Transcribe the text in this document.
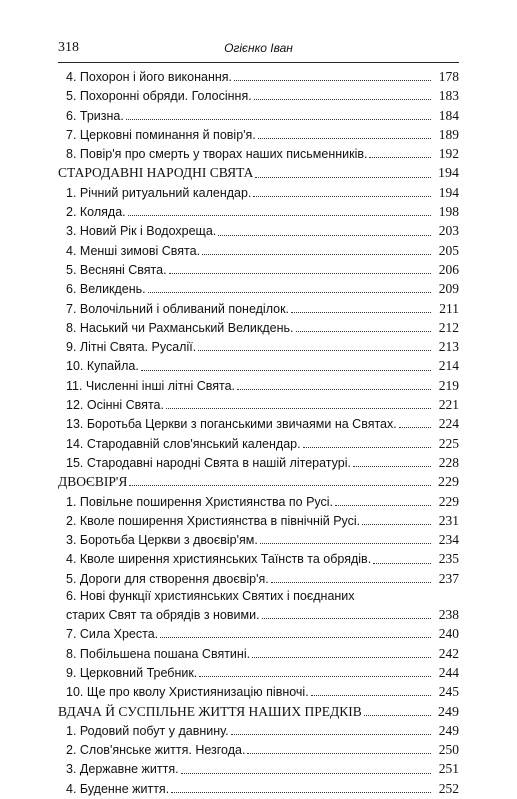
318	Огієнко Іван
4. Похорон і його виконання.	178
5. Похоронні обряди. Голосіння.	183
6. Тризна.	184
7. Церковні поминання й повір'я.	189
8. Повір'я про смерть у творах наших письменників.	192
СТАРОДАВНІ НАРОДНІ СВЯТА	194
1. Річний ритуальний календар.	194
2. Коляда.	198
3. Новий Рік і Водохреща.	203
4. Менші зимові Свята.	205
5. Весняні Свята.	206
6. Великдень.	209
7. Волочільний і обливаний понеділок.	211
8. Наський чи Рахманський Великдень.	212
9. Літні Свята. Русалії.	213
10. Купайла.	214
11. Численні інші літні Свята.	219
12. Осінні Свята.	221
13. Боротьба Церкви з поганськими звичаями на Святах.	224
14. Стародавній слов'янський календар.	225
15. Стародавні народні Свята в нашій літературі.	228
ДВОЄВІР'Я	229
1. Повільне поширення Християнства по Русі.	229
2. Кволе поширення Християнства в північній Русі.	231
3. Боротьба Церкви з двоєвір'ям.	234
4. Кволе ширення християнських Таїнств та обрядів.	235
5. Дороги для створення двоєвір'я.	237
6. Нові функції християнських Святих і поєднаних
старих Свят та обрядів з новими.	238
7. Сила Хреста.	240
8. Побільшена пошана Святині.	242
9. Церковний Требник.	244
10. Ще про кволу Християнизацію півночі.	245
ВДАЧА Й СУСПІЛЬНЕ ЖИТТЯ НАШИХ ПРЕДКІВ	249
1. Родовий побут у давнину.	249
2. Слов'янське життя. Незгода.	250
3. Державне життя.	251
4. Буденне життя.	252
